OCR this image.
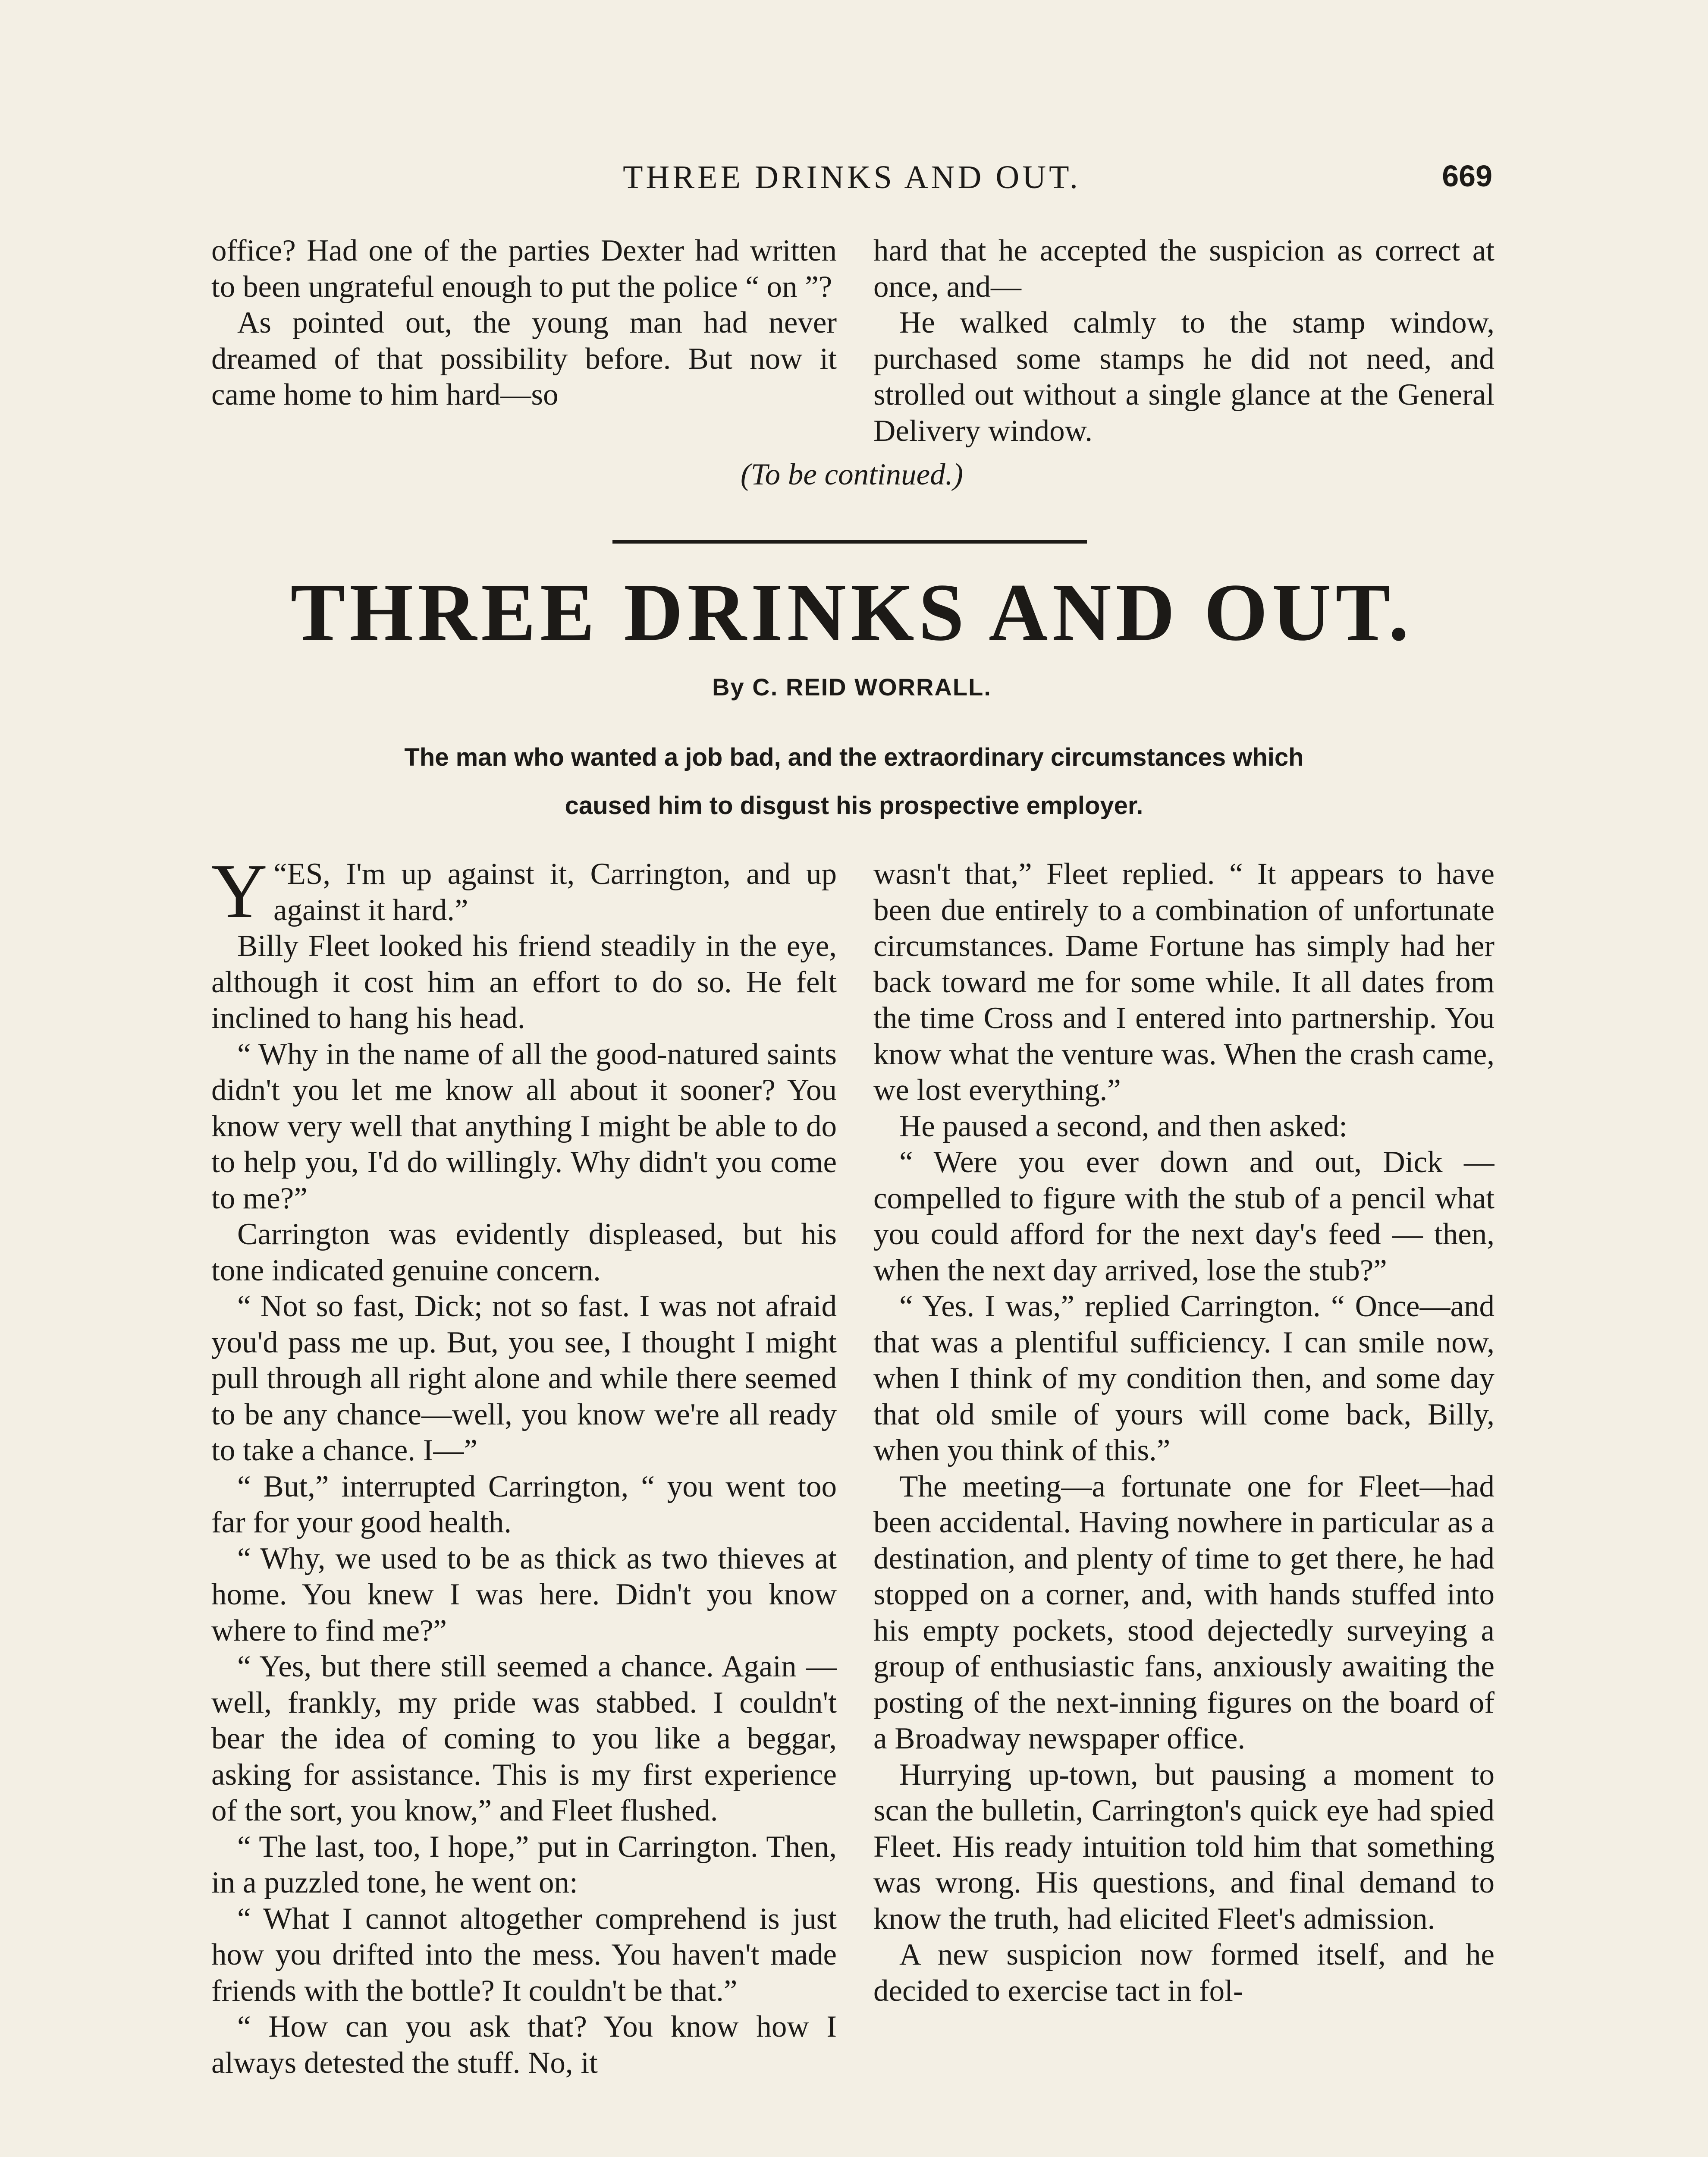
THREE DRINKS AND OUT.	669

office? Had one of the parties Dexter had written to been ungrateful enough to put the police “ on ”?

As pointed out, the young man had never dreamed of that possibility before. But now it came home to him hard—so

hard that he accepted the suspicion as correct at once, and—

He walked calmly to the stamp window, purchased some stamps he did not need, and strolled out without a single glance at the General Delivery window.

(To be continued.)
THREE DRINKS AND OUT.
By C. REID WORRALL.
The man who wanted a job bad, and the extraordinary circumstances which caused him to disgust his prospective employer.

“
Y ES, I'm up against it, Carrington, and up against it hard.”

Billy Fleet looked his friend steadily in the eye, although it cost him an effort to do so. He felt inclined to hang his head.

“ Why in the name of all the good-natured saints didn't you let me know all about it sooner? You know very well that anything I might be able to do to help you, I'd do willingly. Why didn't you come to me?”

Carrington was evidently displeased, but his tone indicated genuine concern.

“ Not so fast, Dick; not so fast. I was not afraid you'd pass me up. But, you see, I thought I might pull through all right alone and while there seemed to be any chance—well, you know we're all ready to take a chance. I—”

“ But,” interrupted Carrington, “ you went too far for your good health.

“ Why, we used to be as thick as two thieves at home. You knew I was here. Didn't you know where to find me?”

“ Yes, but there still seemed a chance. Again — well, frankly, my pride was stabbed. I couldn't bear the idea of coming to you like a beggar, asking for assistance. This is my first experience of the sort, you know,” and Fleet flushed.

“ The last, too, I hope,” put in Carrington. Then, in a puzzled tone, he went on:

“ What I cannot altogether comprehend is just how you drifted into the mess. You haven't made friends with the bottle? It couldn't be that.”

“ How can you ask that? You know how I always detested the stuff. No, it

wasn't that,” Fleet replied. “ It appears to have been due entirely to a combination of unfortunate circumstances. Dame Fortune has simply had her back toward me for some while. It all dates from the time Cross and I entered into partnership. You know what the venture was. When the crash came, we lost everything.”

He paused a second, and then asked:

“ Were you ever down and out, Dick —compelled to figure with the stub of a pencil what you could afford for the next day's feed — then, when the next day arrived, lose the stub?”

“ Yes. I was,” replied Carrington. “ Once—and that was a plentiful sufficiency. I can smile now, when I think of my condition then, and some day that old smile of yours will come back, Billy, when you think of this.”

The meeting—a fortunate one for Fleet—had been accidental. Having nowhere in particular as a destination, and plenty of time to get there, he had stopped on a corner, and, with hands stuffed into his empty pockets, stood dejectedly surveying a group of enthusiastic fans, anxiously awaiting the posting of the next-inning figures on the board of a Broadway newspaper office.

Hurrying up-town, but pausing a moment to scan the bulletin, Carrington's quick eye had spied Fleet. His ready intuition told him that something was wrong. His questions, and final demand to know the truth, had elicited Fleet's admission.

A new suspicion now formed itself, and he decided to exercise tact in fol-
